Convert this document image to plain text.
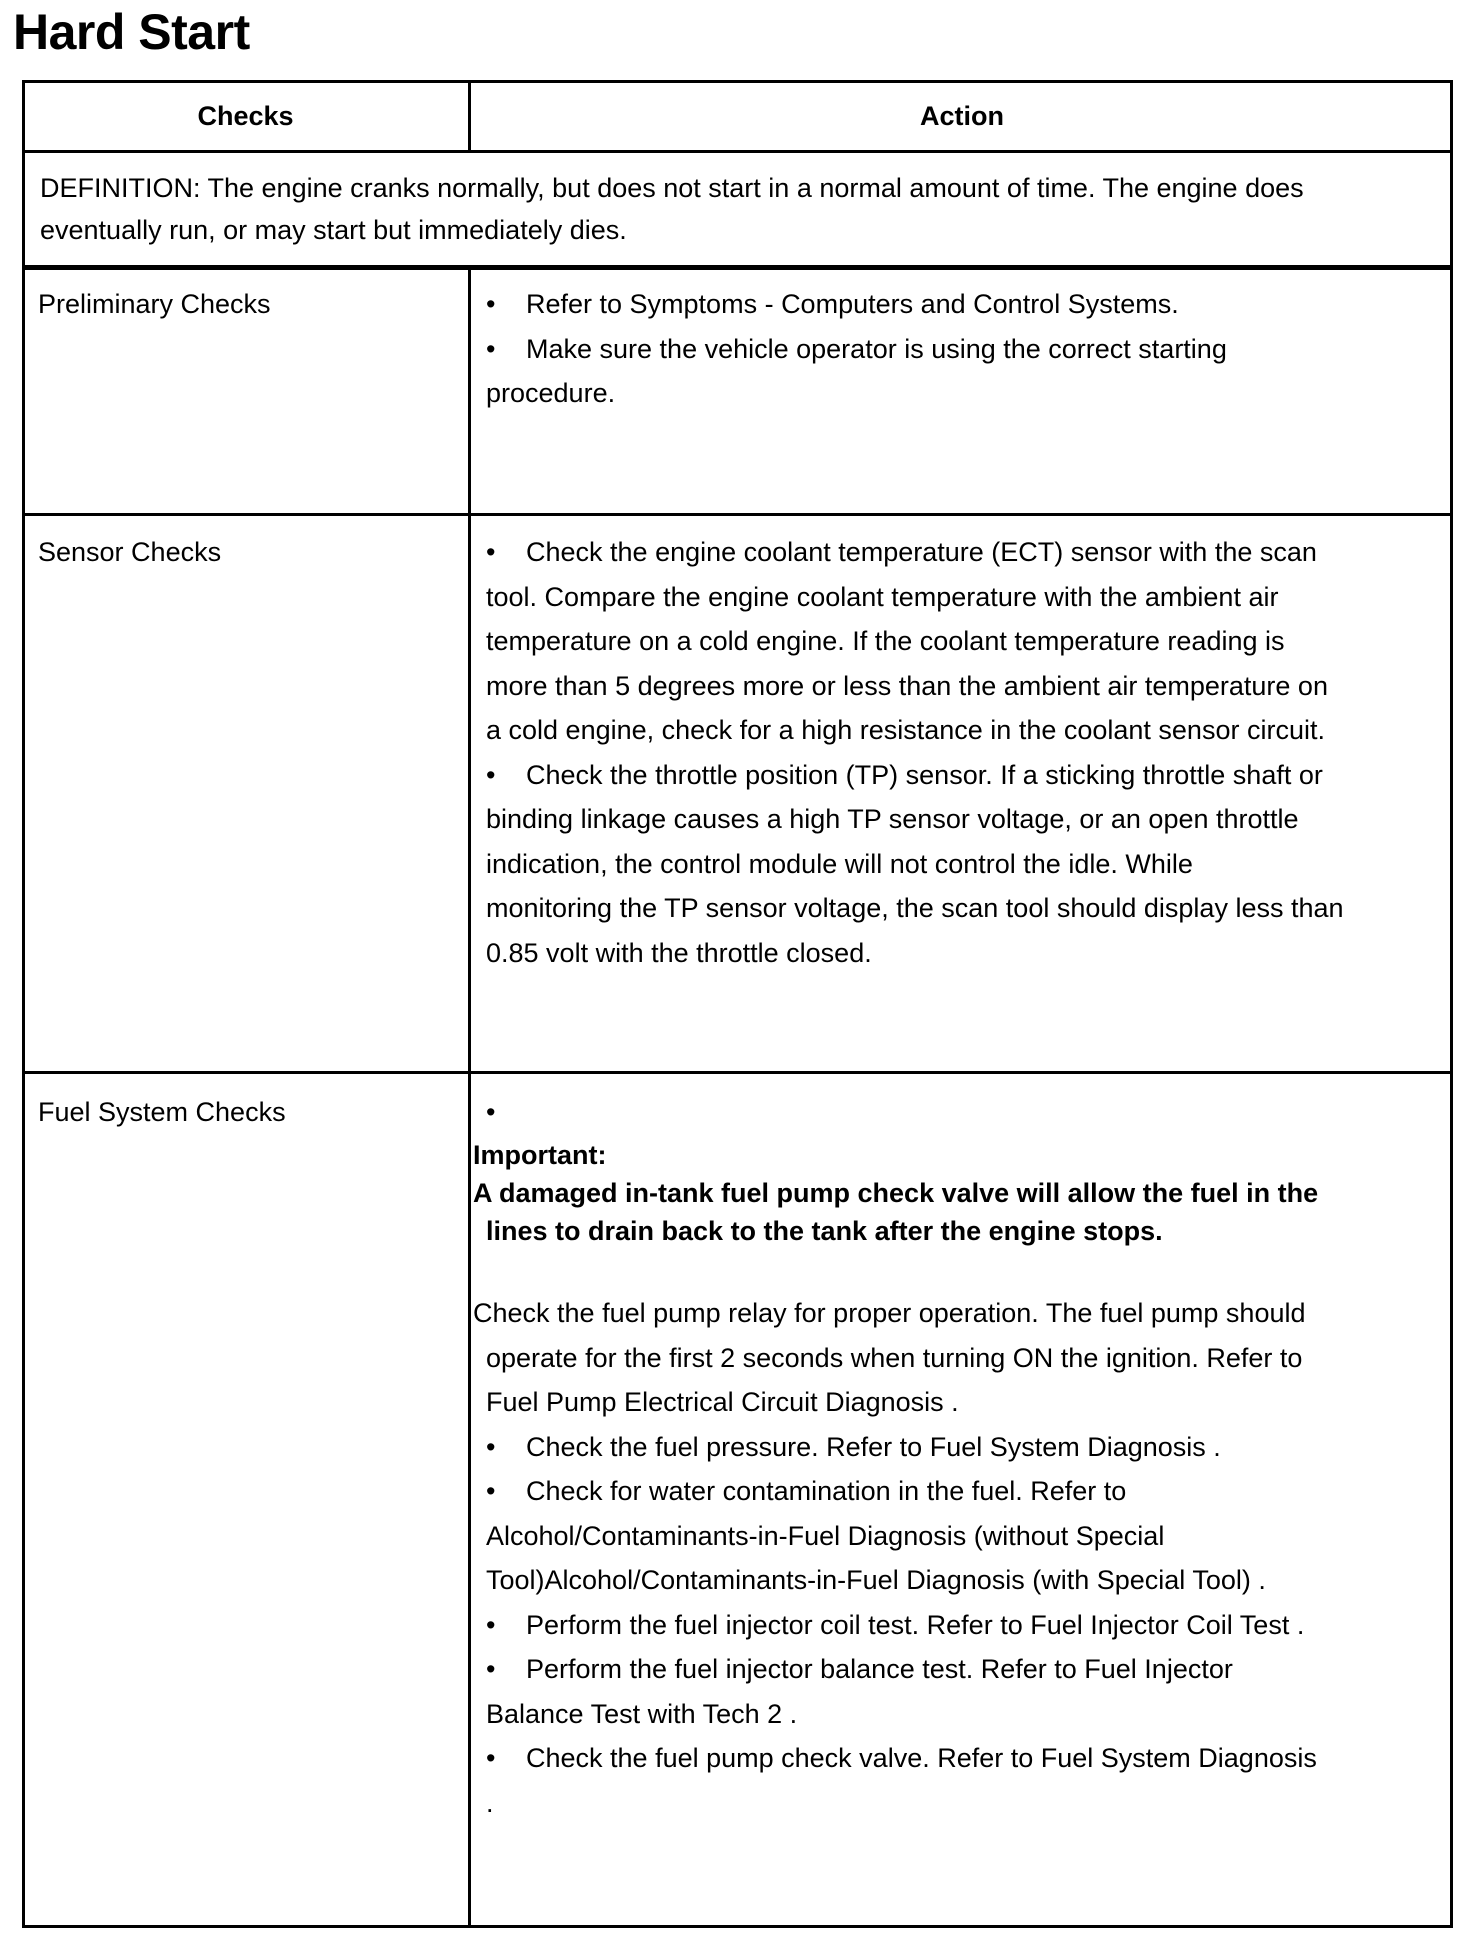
Hard Start
Checks	Action
DEFINITION: The engine cranks normally, but does not start in a normal amount of time. The engine does
eventually run, or may start but immediately dies.
Preliminary Checks	• Refer to Symptoms - Computers and Control Systems.
• Make sure the vehicle operator is using the correct starting
procedure.
Sensor Checks	• Check the engine coolant temperature (ECT) sensor with the scan
tool. Compare the engine coolant temperature with the ambient air
temperature on a cold engine. If the coolant temperature reading is
more than 5 degrees more or less than the ambient air temperature on
a cold engine, check for a high resistance in the coolant sensor circuit.
• Check the throttle position (TP) sensor. If a sticking throttle shaft or
binding linkage causes a high TP sensor voltage, or an open throttle
indication, the control module will not control the idle. While
monitoring the TP sensor voltage, the scan tool should display less than
0.85 volt with the throttle closed.
Fuel System Checks	•
Important:
A damaged in-tank fuel pump check valve will allow the fuel in the
lines to drain back to the tank after the engine stops.
Check the fuel pump relay for proper operation. The fuel pump should
operate for the first 2 seconds when turning ON the ignition. Refer to
Fuel Pump Electrical Circuit Diagnosis .
• Check the fuel pressure. Refer to Fuel System Diagnosis .
• Check for water contamination in the fuel. Refer to
Alcohol/Contaminants-in-Fuel Diagnosis (without Special
Tool)Alcohol/Contaminants-in-Fuel Diagnosis (with Special Tool) .
• Perform the fuel injector coil test. Refer to Fuel Injector Coil Test .
• Perform the fuel injector balance test. Refer to Fuel Injector
Balance Test with Tech 2 .
• Check the fuel pump check valve. Refer to Fuel System Diagnosis
.
